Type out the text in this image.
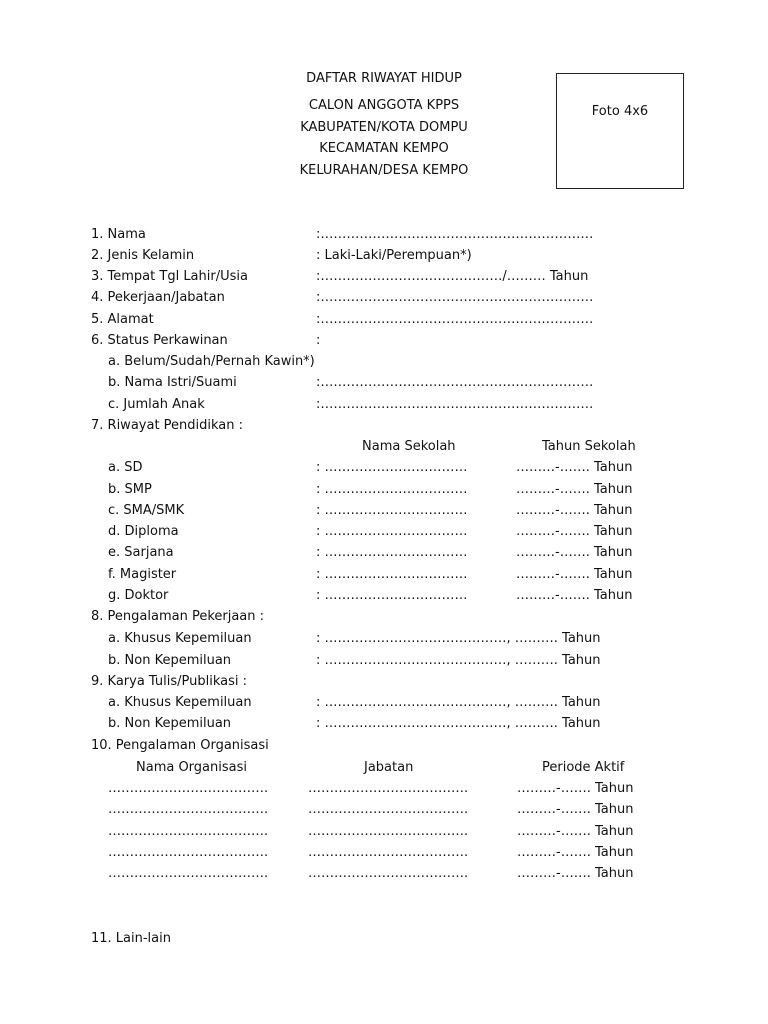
DAFTAR RIWAYAT HIDUP
CALON ANGGOTA KPPS
KABUPATEN/KOTA DOMPU
KECAMATAN KEMPO
KELURAHAN/DESA KEMPO
Foto 4x6
1. Nama	:………………………………………………………
2. Jenis Kelamin	: Laki-Laki/Perempuan*)
3. Tempat Tgl Lahir/Usia	:……………………………………/……… Tahun
4. Pekerjaan/Jabatan	:………………………………………………………
5. Alamat	:………………………………………………………
6. Status Perkawinan	:
a. Belum/Sudah/Pernah Kawin*)
b. Nama Istri/Suami	:………………………………………………………
c. Jumlah Anak	:………………………………………………………
7. Riwayat Pendidikan :
Nama Sekolah	Tahun Sekolah
a. SD	: ……………………………	………-……. Tahun
b. SMP	: ……………………………	………-……. Tahun
c. SMA/SMK	: ……………………………	………-……. Tahun
d. Diploma	: ……………………………	………-……. Tahun
e. Sarjana	: ……………………………	………-……. Tahun
f. Magister	: ……………………………	………-……. Tahun
g. Doktor	: ……………………………	………-……. Tahun
8. Pengalaman Pekerjaan :
a. Khusus Kepemiluan	: ……………………………………, ………. Tahun
b. Non Kepemiluan	: ……………………………………, ………. Tahun
9. Karya Tulis/Publikasi :
a. Khusus Kepemiluan	: ……………………………………, ………. Tahun
b. Non Kepemiluan	: ……………………………………, ………. Tahun
10. Pengalaman Organisasi
Nama Organisasi	Jabatan	Periode Aktif
……………………………….	……………………………….	………-……. Tahun
……………………………….	……………………………….	………-……. Tahun
……………………………….	……………………………….	………-……. Tahun
……………………………….	……………………………….	………-……. Tahun
……………………………….	……………………………….	………-……. Tahun
11. Lain-lain
